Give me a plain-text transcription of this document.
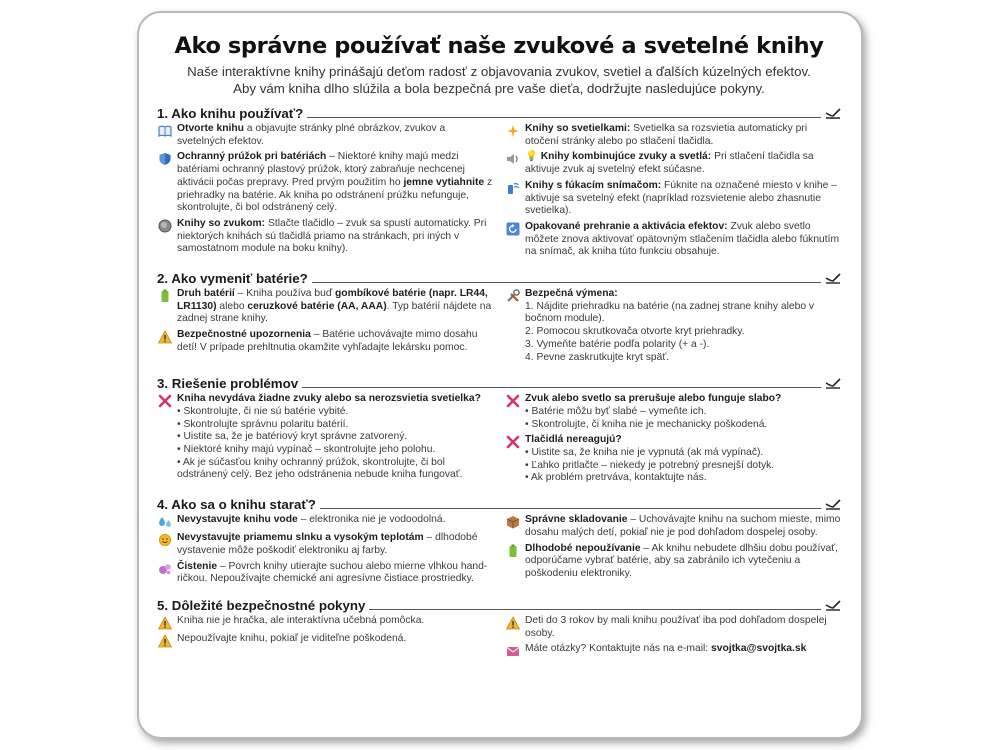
Ako správne používať naše zvukové a svetelné knihy
Naše interaktívne knihy prinášajú deťom radosť z objavovania zvukov, svetiel a ďalších kúzelných efektov.
Aby vám kniha dlho slúžila a bola bezpečná pre vaše dieťa, dodržujte nasledujúce pokyny.
1. Ako knihu používať?
Otvorte knihu a objavujte stránky plné obrázkov, zvukov a svetelných efektov.
Ochranný prúžok pri batériách – Niektoré knihy majú medzi batériami ochranný plastový prúžok, ktorý zabraňuje nechcenej aktivácii počas prepravy. Pred prvým použitím ho jemne vytiahnite z priehradky na batérie. Ak kniha po odstránení prúžku nefunguje, skontrolujte, či bol odstránený celý.
Knihy so zvukom: Stlačte tlačidlo – zvuk sa spustí automaticky. Pri niektorých knihách sú tlačidlá priamo na stránkach, pri iných v samostatnom module na boku knihy).
Knihy so svetielkami: Svetielka sa rozsvietia automaticky pri otočení stránky alebo po stlačení tlačidla.
💡 Knihy kombinujúce zvuky a svetlá: Pri stlačení tlačidla sa aktivuje zvuk aj svetelný efekt súčasne.
Knihy s fúkacím snímačom: Fúknite na označené miesto v knihe – aktivuje sa svetelný efekt (napríklad rozsvietenie alebo zhasnutie svetielka).
Opakované prehranie a aktivácia efektov: Zvuk alebo svetlo môžete znova aktivovať opätovným stlačením tlačidla alebo fúknutím na snímač, ak kniha túto funkciu obsahuje.
2. Ako vymeniť batérie?
Druh batérií – Kniha používa buď gombíkové batérie (napr. LR44, LR1130) alebo ceruzkové batérie (AA, AAA). Typ batérií nájdete na zadnej strane knihy.
Bezpečnostné upozornenia – Batérie uchovávajte mimo dosahu detí! V prípade prehltnutia okamžite vyhľadajte lekársku pomoc.
Bezpečná výmena:
1. Nájdite priehradku na batérie (na zadnej strane knihy alebo v bočnom module).
2. Pomocou skrutkovača otvorte kryt priehradky.
3. Vymeňte batérie podľa polarity (+ a -).
4. Pevne zaskrutkujte kryt späť.
3. Riešenie problémov
Kniha nevydáva žiadne zvuky alebo sa nerozsvietia svetielka?
• Skontrolujte, či nie sú batérie vybité.
• Skontrolujte správnu polaritu batérií.
• Uistite sa, že je batériový kryt správne zatvorený.
• Niektoré knihy majú vypínač – skontrolujte jeho polohu.
• Ak je súčasťou knihy ochranný prúžok, skontrolujte, či bol odstránený celý. Bez jeho odstránenia nebude kniha fungovať.
Zvuk alebo svetlo sa prerušuje alebo funguje slabo?
• Batérie môžu byť slabé – vymeňte ich.
• Skontrolujte, či kniha nie je mechanicky poškodená.
Tlačidlá nereagujú?
• Uistite sa, že kniha nie je vypnutá (ak má vypínač).
• Ľahko pritlačte – niekedy je potrebný presnejší dotyk.
• Ak problém pretrváva, kontaktujte nás.
4. Ako sa o knihu starať?
Nevystavujte knihu vode – elektronika nie je vodoodolná.
Nevystavujte priamemu slnku a vysokým teplotám – dlhodobé vystavenie môže poškodiť elektroniku aj farby.
Čistenie – Povrch knihy utierajte suchou alebo mierne vlhkou hand-ričkou. Nepoužívajte chemické ani agresívne čistiace prostriedky.
Správne skladovanie – Uchovávajte knihu na suchom mieste, mimo dosahu malých detí, pokiaľ nie je pod dohľadom dospelej osoby.
Dlhodobé nepoužívanie – Ak knihu nebudete dlhšiu dobu používať, odporúčame vybrať batérie, aby sa zabránilo ich vytečeniu a poškodeniu elektroniky.
5. Dôležité bezpečnostné pokyny
Kniha nie je hračka, ale interaktívna učebná pomôcka.
Nepoužívajte knihu, pokiaľ je viditeľne poškodená.
Deti do 3 rokov by mali knihu používať iba pod dohľadom dospelej osoby.
Máte otázky? Kontaktujte nás na e-mail: svojtka@svojtka.sk
